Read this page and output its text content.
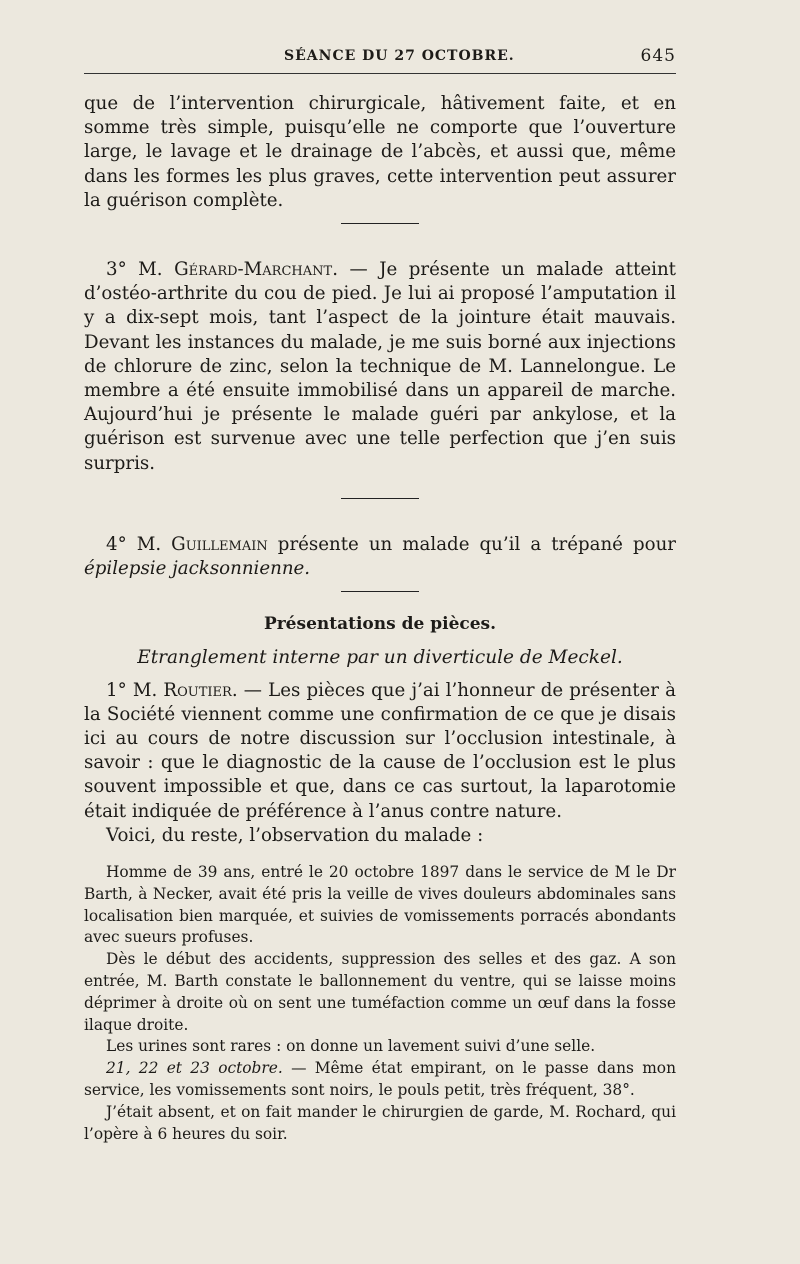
SÉANCE DU 27 OCTOBRE.	645

que de l’intervention chirurgicale, hâtivement faite, et en somme très simple, puisqu’elle ne comporte que l’ouverture large, le lavage et le drainage de l’abcès, et aussi que, même dans les formes les plus graves, cette intervention peut assurer la guérison complète.

3° M. Gérard-Marchant. — Je présente un malade atteint d’ostéo-arthrite du cou de pied. Je lui ai proposé l’amputation il y a dix-sept mois, tant l’aspect de la jointure était mauvais. Devant les instances du malade, je me suis borné aux injections de chlorure de zinc, selon la technique de M. Lannelongue. Le membre a été ensuite immobilisé dans un appareil de marche. Aujourd’hui je présente le malade guéri par ankylose, et la guérison est survenue avec une telle perfection que j’en suis surpris.

4° M. Guillemain présente un malade qu’il a trépané pour épilepsie jacksonnienne.

Présentations de pièces.

Etranglement interne par un diverticule de Meckel.

1° M. Routier. — Les pièces que j’ai l’honneur de présenter à la Société viennent comme une confirmation de ce que je disais ici au cours de notre discussion sur l’occlusion intestinale, à savoir : que le diagnostic de la cause de l’occlusion est le plus souvent impossible et que, dans ce cas surtout, la laparotomie était indiquée de préférence à l’anus contre nature.

Voici, du reste, l’observation du malade :

Homme de 39 ans, entré le 20 octobre 1897 dans le service de M le Dr Barth, à Necker, avait été pris la veille de vives douleurs abdominales sans localisation bien marquée, et suivies de vomissements porracés abondants avec sueurs profuses.

Dès le début des accidents, suppression des selles et des gaz. A son entrée, M. Barth constate le ballonnement du ventre, qui se laisse moins déprimer à droite où on sent une tuméfaction comme un œuf dans la fosse ilaque droite.

Les urines sont rares : on donne un lavement suivi d’une selle.

21, 22 et 23 octobre. — Même état empirant, on le passe dans mon service, les vomissements sont noirs, le pouls petit, très fréquent, 38°.

J’était absent, et on fait mander le chirurgien de garde, M. Rochard, qui l’opère à 6 heures du soir.
